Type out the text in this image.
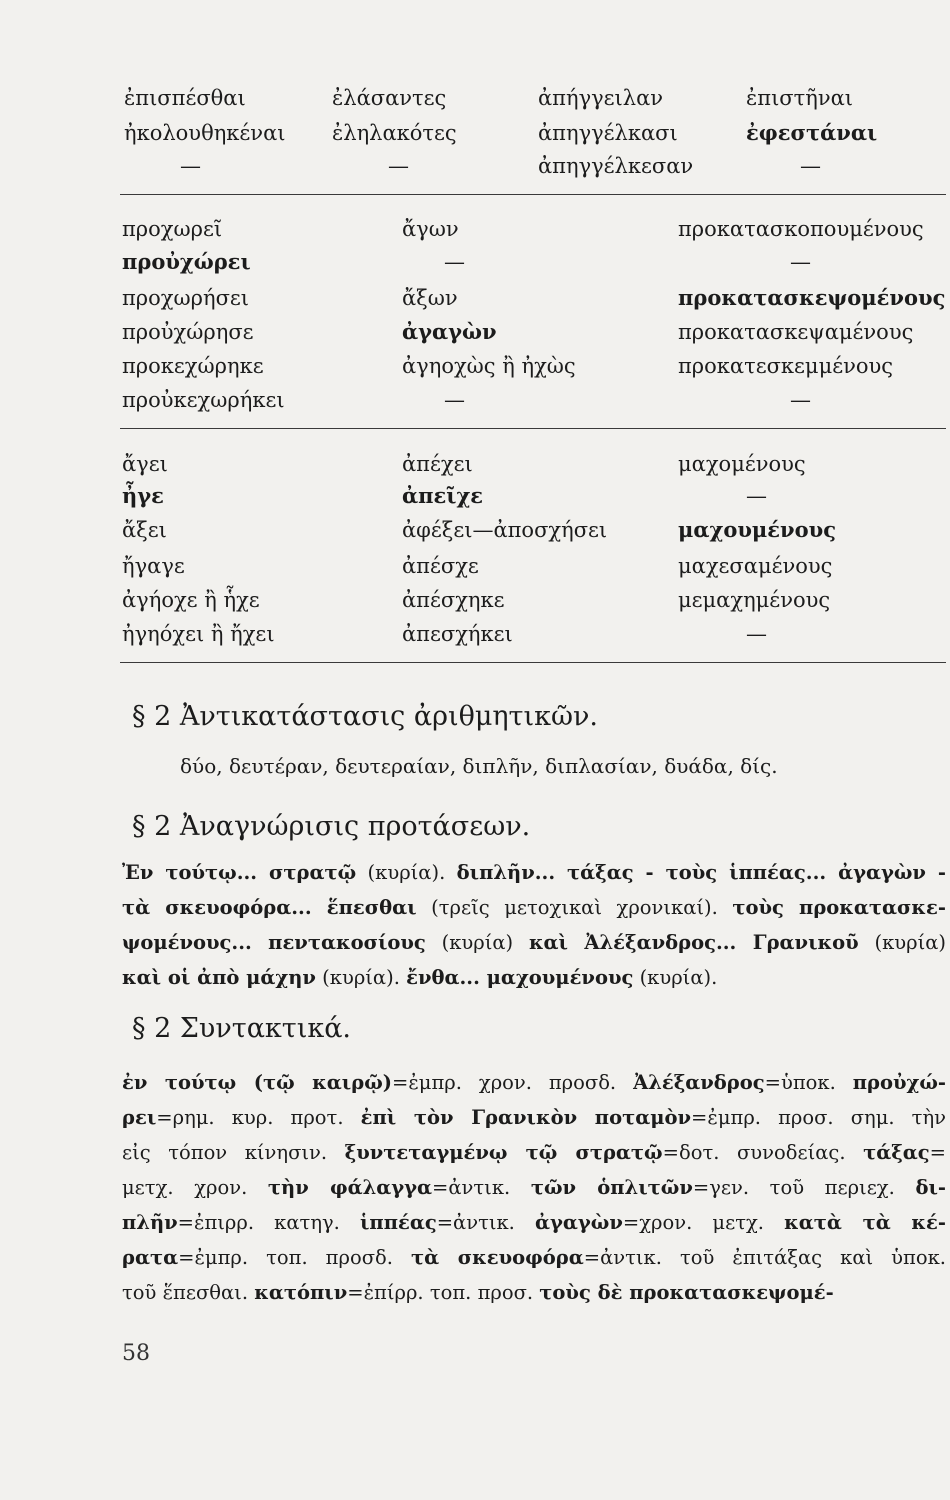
ἐπισπέσθαι
ἠκολουθηκέναι
—
ἐλάσαντες
ἐληλακότες
—
ἀπήγγειλαν
ἀπηγγέλκασι
ἀπηγγέλκεσαν
ἐπιστῆναι
ἐφεστάναι
—
προχωρεῖ
προὐχώρει
προχωρήσει
προὐχώρησε
προκεχώρηκε
προὐκεχωρήκει
ἄγων
—
ἄξων
ἀγαγὼν
ἀγηοχὼς ἢ ἠχὼς
—
προκατασκοπουμένους
—
προκατασκεψομένους
προκατασκεψαμένους
προκατεσκεμμένους
—
ἄγει
ἦγε
ἄξει
ἤγαγε
ἀγήοχε ἢ ἧχε
ἠγηόχει ἢ ἤχει
ἀπέχει
ἀπεῖχε
ἀφέξει—ἀποσχήσει
ἀπέσχε
ἀπέσχηκε
ἀπεσχήκει
μαχομένους
—
μαχουμένους
μαχεσαμένους
μεμαχημένους
—
§ 2 Ἀντικατάστασις ἀριθμητικῶν.
δύο, δευτέραν, δευτεραίαν, διπλῆν, διπλασίαν, δυάδα, δίς.
§ 2 Ἀναγνώρισις προτάσεων.
Ἐν τούτῳ... στρατῷ (κυρία). διπλῆν... τάξας - τοὺς ἱππέας... ἀγαγὼν -
τὰ σκευοφόρα... ἕπεσθαι (τρεῖς μετοχικαὶ χρονικαί). τοὺς προκατασκε-
ψομένους... πεντακοσίους (κυρία) καὶ Ἀλέξανδρος... Γρανικοῦ (κυρία)
καὶ οἱ ἀπὸ μάχην (κυρία). ἔνθα... μαχουμένους (κυρία).
§ 2 Συντακτικά.
ἐν τούτῳ (τῷ καιρῷ)=ἐμπρ. χρον. προσδ. Ἀλέξανδρος=ὑποκ. προὐχώ-
ρει=ρημ. κυρ. προτ. ἐπὶ τὸν Γρανικὸν ποταμὸν=ἐμπρ. προσ. σημ. τὴν
εἰς τόπον κίνησιν. ξυντεταγμένῳ τῷ στρατῷ=δοτ. συνοδείας. τάξας=
μετχ. χρον. τὴν φάλαγγα=ἀντικ. τῶν ὁπλιτῶν=γεν. τοῦ περιεχ. δι-
πλῆν=ἐπιρρ. κατηγ. ἱππέας=ἀντικ. ἀγαγὼν=χρον. μετχ. κατὰ τὰ κέ-
ρατα=ἐμπρ. τοπ. προσδ. τὰ σκευοφόρα=ἀντικ. τοῦ ἐπιτάξας καὶ ὑποκ.
τοῦ ἕπεσθαι. κατόπιν=ἐπίρρ. τοπ. προσ. τοὺς δὲ προκατασκεψομέ-
58
